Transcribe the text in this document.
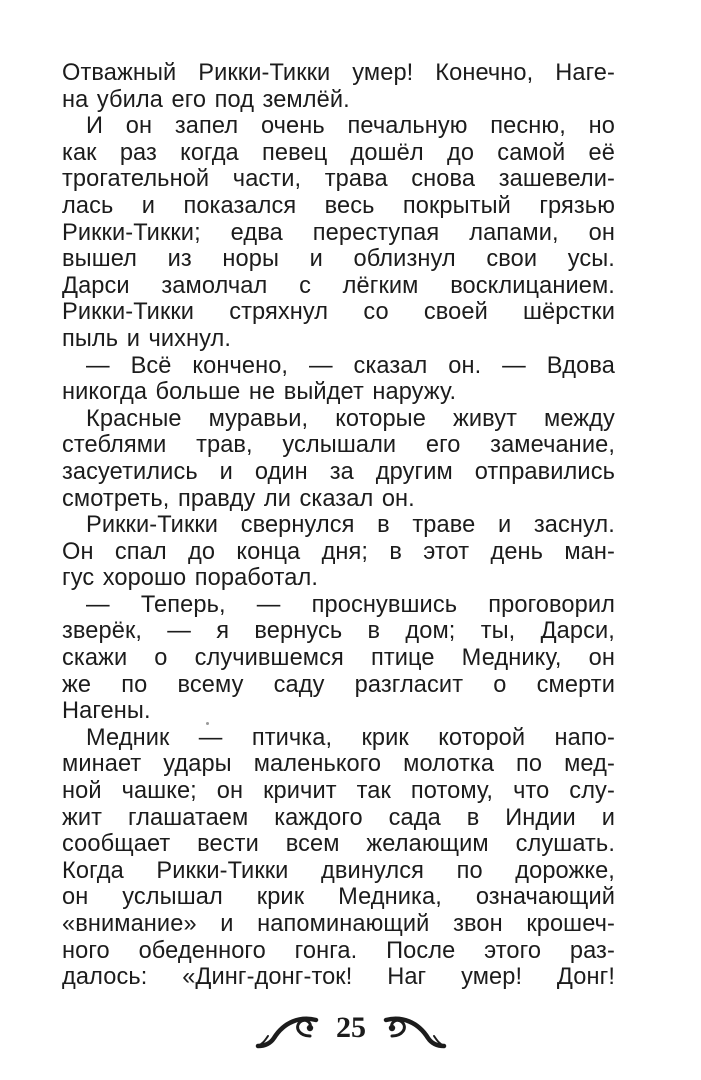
Отважный Рикки-Тикки умер! Конечно, Наге-
на убила его под землёй.
И он запел очень печальную песню, но
как раз когда певец дошёл до самой её
трогательной части, трава снова зашевели-
лась и показался весь покрытый грязью
Рикки-Тикки; едва переступая лапами, он
вышел из норы и облизнул свои усы.
Дарси замолчал с лёгким восклицанием.
Рикки-Тикки стряхнул со своей шёрстки
пыль и чихнул.
— Всё кончено, — сказал он. — Вдова
никогда больше не выйдет наружу.
Красные муравьи, которые живут между
стеблями трав, услышали его замечание,
засуетились и один за другим отправились
смотреть, правду ли сказал он.
Рикки-Тикки свернулся в траве и заснул.
Он спал до конца дня; в этот день ман-
гус хорошо поработал.
— Теперь, — проснувшись проговорил
зверёк, — я вернусь в дом; ты, Дарси,
скажи о случившемся птице Меднику, он
же по всему саду разгласит о смерти
Нагены.
Медник — птичка, крик которой напо-
минает удары маленького молотка по мед-
ной чашке; он кричит так потому, что слу-
жит глашатаем каждого сада в Индии и
сообщает вести всем желающим слушать.
Когда Рикки-Тикки двинулся по дорожке,
он услышал крик Медника, означающий
«внимание» и напоминающий звон крошеч-
ного обеденного гонга. После этого раз-
далось: «Динг-донг-ток! Наг умер! Донг!
25
